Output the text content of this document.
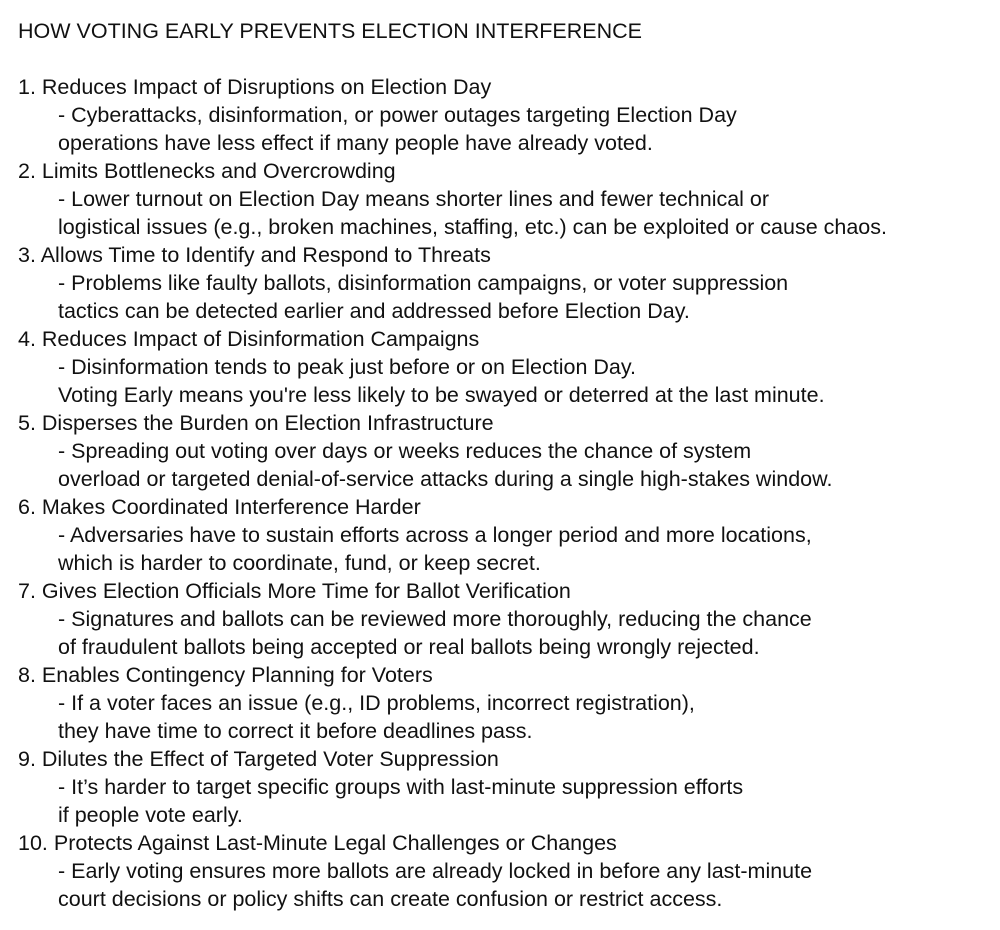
HOW VOTING EARLY PREVENTS ELECTION INTERFERENCE
1. Reduces Impact of Disruptions on Election Day
- Cyberattacks, disinformation, or power outages targeting Election Day
operations have less effect if many people have already voted.
2. Limits Bottlenecks and Overcrowding
- Lower turnout on Election Day means shorter lines and fewer technical or
logistical issues (e.g., broken machines, staffing, etc.) can be exploited or cause chaos.
3. Allows Time to Identify and Respond to Threats
- Problems like faulty ballots, disinformation campaigns, or voter suppression
tactics can be detected earlier and addressed before Election Day.
4. Reduces Impact of Disinformation Campaigns
- Disinformation tends to peak just before or on Election Day.
Voting Early means you're less likely to be swayed or deterred at the last minute.
5. Disperses the Burden on Election Infrastructure
- Spreading out voting over days or weeks reduces the chance of system
overload or targeted denial-of-service attacks during a single high-stakes window.
6. Makes Coordinated Interference Harder
- Adversaries have to sustain efforts across a longer period and more locations,
which is harder to coordinate, fund, or keep secret.
7. Gives Election Officials More Time for Ballot Verification
- Signatures and ballots can be reviewed more thoroughly, reducing the chance
of fraudulent ballots being accepted or real ballots being wrongly rejected.
8. Enables Contingency Planning for Voters
- If a voter faces an issue (e.g., ID problems, incorrect registration),
they have time to correct it before deadlines pass.
9. Dilutes the Effect of Targeted Voter Suppression
- It’s harder to target specific groups with last-minute suppression efforts
if people vote early.
10. Protects Against Last-Minute Legal Challenges or Changes
- Early voting ensures more ballots are already locked in before any last-minute
court decisions or policy shifts can create confusion or restrict access.
